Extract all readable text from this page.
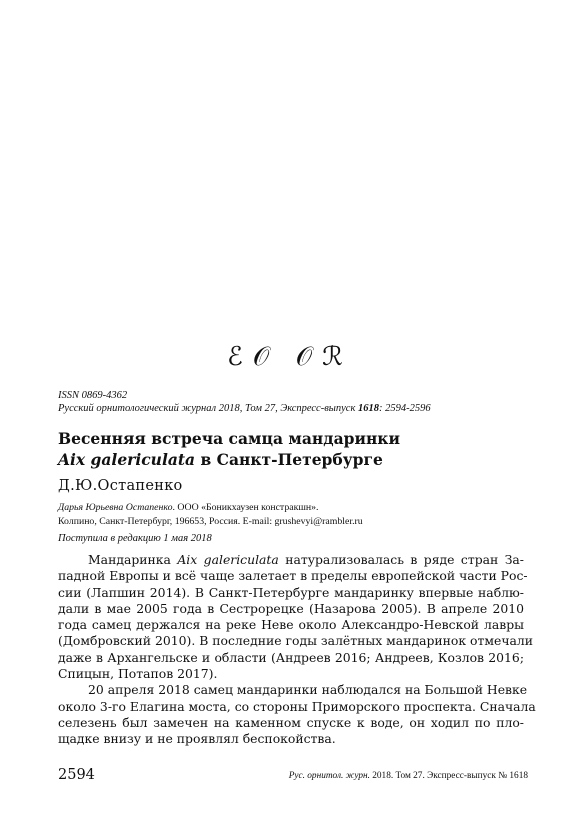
ℰ𝒪 𝒪ℛ
ISSN 0869-4362
Русский орнитологический журнал 2018, Том 27, Экспресс-выпуск 1618: 2594-2596
Весенняя встреча самца мандаринки
Aix galericulata в Санкт-Петербурге
Д.Ю.Остапенко
Дарья Юрьевна Остапенко. ООО «Боникхаузен констракшн».
Колпино, Санкт-Петербург, 196653, Россия. E-mail: grushevyi@rambler.ru
Поступила в редакцию 1 мая 2018

Мандаринка Aix galericulata натурализовалась в ряде стран За-
падной Европы и всё чаще залетает в пределы европейской части Рос-
сии (Лапшин 2014). В Санкт-Петербурге мандаринку впервые наблю-
дали в мае 2005 года в Сестрорецке (Назарова 2005). В апреле 2010
года самец держался на реке Неве около Александро-Невской лавры
(Домбровский 2010). В последние годы залётных мандаринок отмечали
даже в Архангельске и области (Андреев 2016; Андреев, Козлов 2016;
Спицын, Потапов 2017).

20 апреля 2018 самец мандаринки наблюдался на Большой Невке
около 3-го Елагина моста, со стороны Приморского проспекта. Сначала
селезень был замечен на каменном спуске к воде, он ходил по пло-
щадке внизу и не проявлял беспокойства.

2594	Рус. орнитол. журн. 2018. Том 27. Экспресс-выпуск № 1618
